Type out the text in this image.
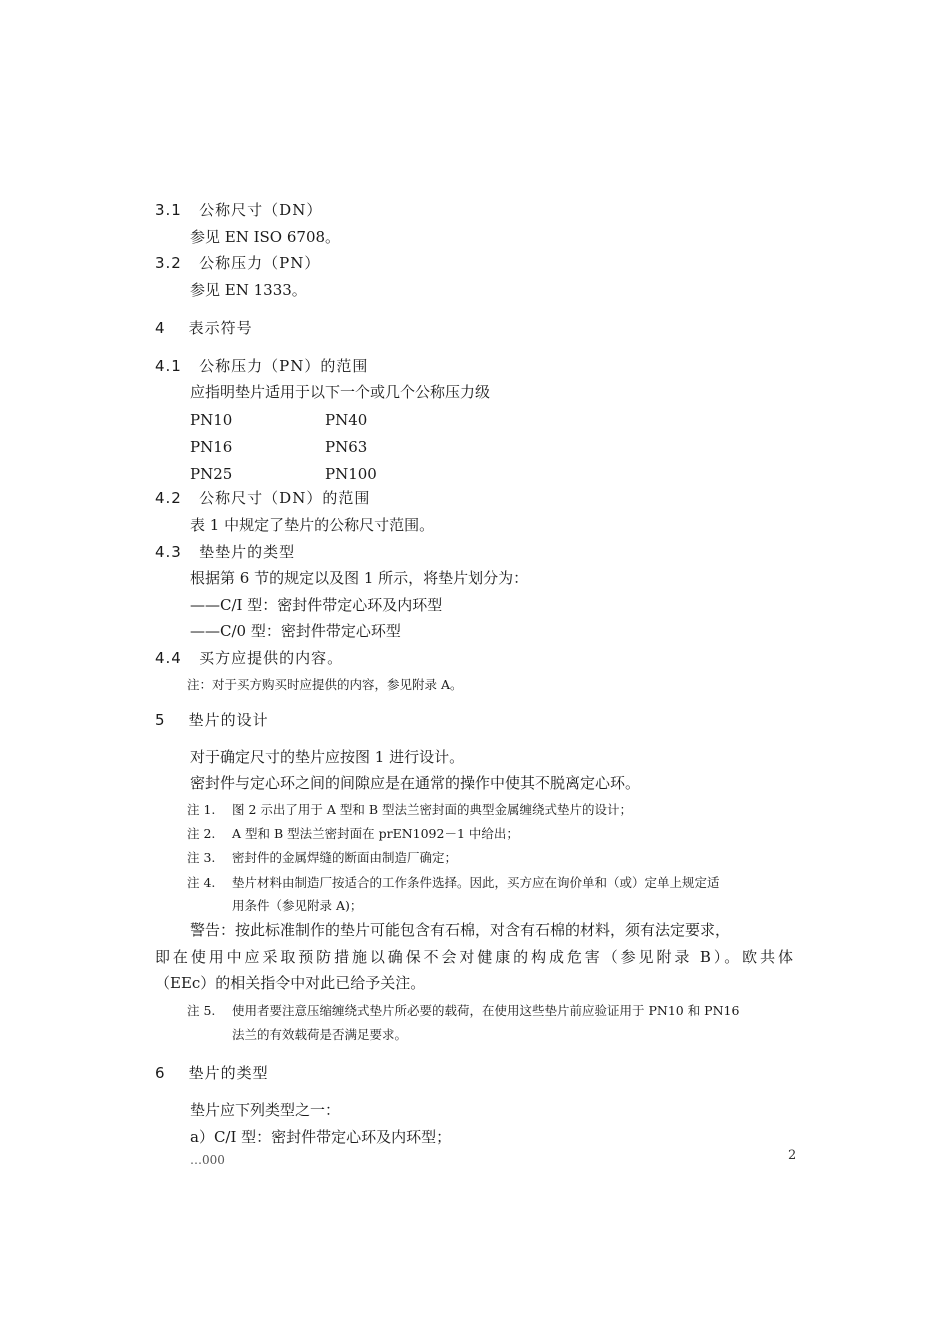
3.1 公称尺寸（DN）
参见 EN ISO 6708。
3.2 公称压力（PN）
参见 EN 1333。
4 表示符号
4.1 公称压力（PN）的范围
应指明垫片适用于以下一个或几个公称压力级
PN10	PN40
PN16	PN63
PN25	PN100
4.2 公称尺寸（DN）的范围
表 1 中规定了垫片的公称尺寸范围。
4.3 垫垫片的类型
根据第 6 节的规定以及图 1 所示，将垫片划分为：
——C/I 型：密封件带定心环及内环型
——C/0 型：密封件带定心环型
4.4 买方应提供的内容。
注：对于买方购买时应提供的内容，参见附录 A。
5 垫片的设计
对于确定尺寸的垫片应按图 1 进行设计。
密封件与定心环之间的间隙应是在通常的操作中使其不脱离定心环。
注 1. 图 2 示出了用于 A 型和 B 型法兰密封面的典型金属缠绕式垫片的设计；
注 2. A 型和 B 型法兰密封面在 prEN1092－1 中给出；
注 3. 密封件的金属焊缝的断面由制造厂确定；
注 4. 垫片材料由制造厂按适合的工作条件选择。因此，买方应在询价单和（或）定单上规定适
用条件（参见附录 A)；
警告：按此标准制作的垫片可能包含有石棉，对含有石棉的材料，须有法定要求，
即在使用中应采取预防措施以确保不会对健康的构成危害（参见附录 B）。欧共体
（EEc）的相关指令中对此已给予关注。
注 5. 使用者要注意压缩缠绕式垫片所必要的载荷，在使用这些垫片前应验证用于 PN10 和 PN16
法兰的有效载荷是否满足要求。
6 垫片的类型
垫片应下列类型之一：
a）C/I 型：密封件带定心环及内环型；
…000	2
